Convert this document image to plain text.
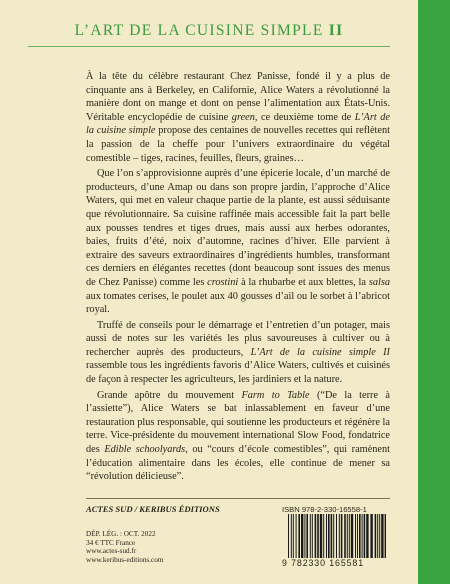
L’ART DE LA CUISINE SIMPLE II

À la tête du célèbre restaurant Chez Panisse, fondé il y a plus de cinquante ans à Berkeley, en Californie, Alice Waters a révolutionné la manière dont on mange et dont on pense l’alimentation aux États-Unis. Véritable encyclopédie de cuisine green, ce deuxième tome de L’Art de la cuisine simple propose des centaines de nouvelles recettes qui reflètent la passion de la cheffe pour l’univers extraordinaire du végétal comestible – tiges, racines, feuilles, fleurs, graines…

Que l’on s’approvisionne auprès d’une épicerie locale, d’un marché de producteurs, d’une Amap ou dans son propre jardin, l’approche d’Alice Waters, qui met en valeur chaque partie de la plante, est aussi séduisante que révolutionnaire. Sa cuisine raffinée mais accessible fait la part belle aux pousses tendres et tiges drues, mais aussi aux herbes odorantes, baies, fruits d’été, noix d’automne, racines d’hiver. Elle parvient à extraire des saveurs extraordinaires d’ingrédients humbles, transformant ces derniers en élégantes recettes (dont beaucoup sont issues des menus de Chez Panisse) comme les crostini à la rhubarbe et aux blettes, la salsa aux tomates cerises, le poulet aux 40 gousses d’ail ou le sorbet à l’abricot royal.

Truffé de conseils pour le démarrage et l’entretien d’un potager, mais aussi de notes sur les variétés les plus savoureuses à cultiver ou à rechercher auprès des producteurs, L’Art de la cuisine simple II rassemble tous les ingrédients favoris d’Alice Waters, cultivés et cuisinés de façon à respecter les agriculteurs, les jardiniers et la nature.

Grande apôtre du mouvement Farm to Table (“De la terre à l’assiette”), Alice Waters se bat inlassablement en faveur d’une restauration plus responsable, qui soutienne les producteurs et régénère la terre. Vice-présidente du mouvement international Slow Food, fondatrice des Edible schoolyards, ou “cours d’école comestibles”, qui ramènent l’éducation alimentaire dans les écoles, elle continue de mener sa “révolution délicieuse”.

ACTES SUD / KERIBUS ÉDITIONS	ISBN 978-2-330-16558-1
DÉP. LÉG. : OCT. 2022
34 € TTC France
www.actes-sud.fr
www.keribus-editions.com	9 782330 165581
